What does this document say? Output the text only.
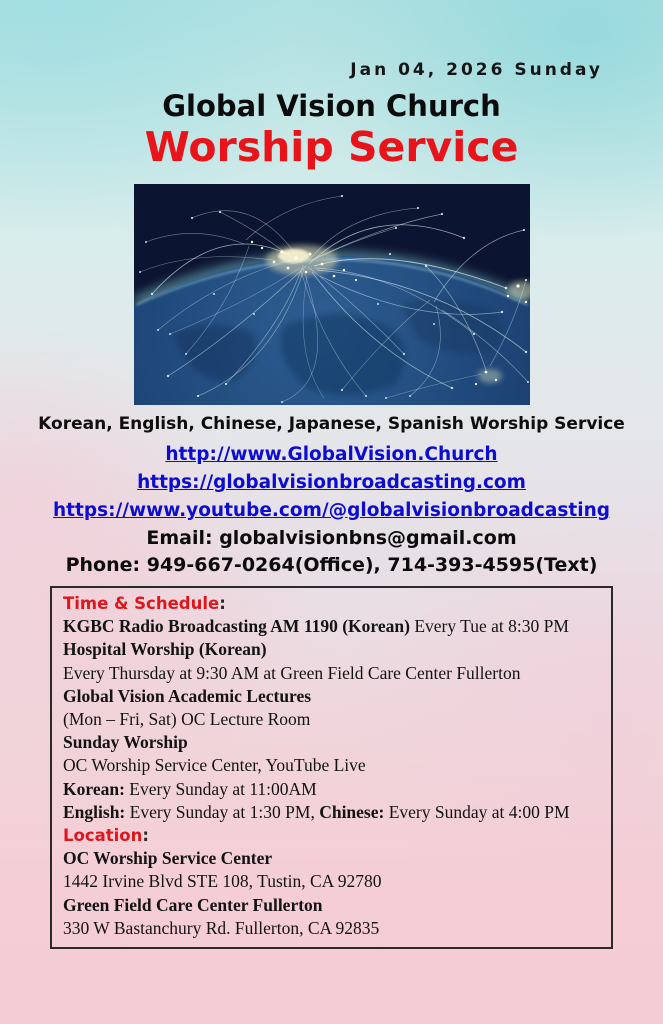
Jan 04, 2026 Sunday
Global Vision Church
Worship Service
Korean, English, Chinese, Japanese, Spanish Worship Service
http://www.GlobalVision.Church
https://globalvisionbroadcasting.com
https://www.youtube.com/@globalvisionbroadcasting
Email: globalvisionbns@gmail.com
Phone: 949-667-0264(Office), 714-393-4595(Text)
Time & Schedule:
KGBC Radio Broadcasting AM 1190 (Korean) Every Tue at 8:30 PM
Hospital Worship (Korean)
Every Thursday at 9:30 AM at Green Field Care Center Fullerton
Global Vision Academic Lectures
(Mon – Fri, Sat) OC Lecture Room
Sunday Worship
OC Worship Service Center, YouTube Live
Korean: Every Sunday at 11:00AM
English: Every Sunday at 1:30 PM, Chinese: Every Sunday at 4:00 PM
Location:
OC Worship Service Center
1442 Irvine Blvd STE 108, Tustin, CA 92780
Green Field Care Center Fullerton
330 W Bastanchury Rd. Fullerton, CA 92835
